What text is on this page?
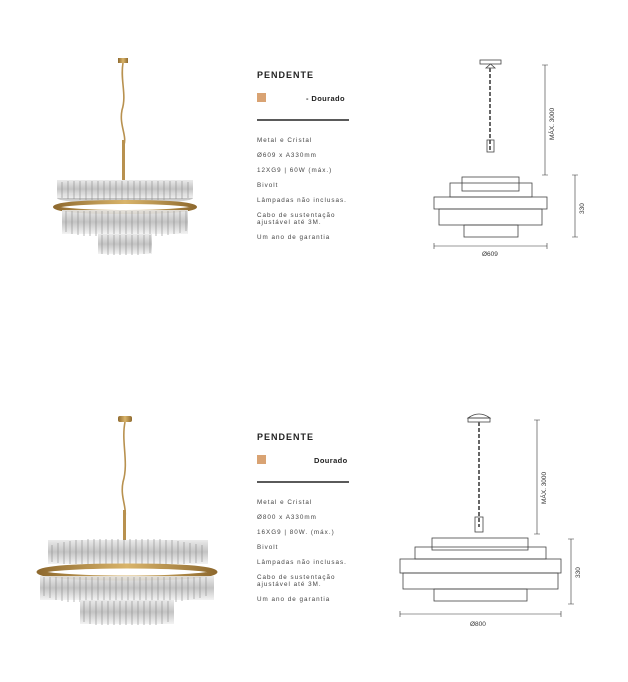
PENDENTE
- Dourado
Metal e Cristal
Ø609 x A330mm
12XG9 | 60W (máx.)
Bivolt
Lâmpadas não inclusas.
Cabo de sustentação
ajustável até 3M.
Um ano de garantia
MÁX. 3000
330
Ø609
PENDENTE
Dourado
Metal e Cristal
Ø800 x A330mm
16XG9 | 80W. (máx.)
Bivolt
Lâmpadas não inclusas.
Cabo de sustentação
ajustável até 3M.
Um ano de garantia
MÁX. 3000
330
Ø800
